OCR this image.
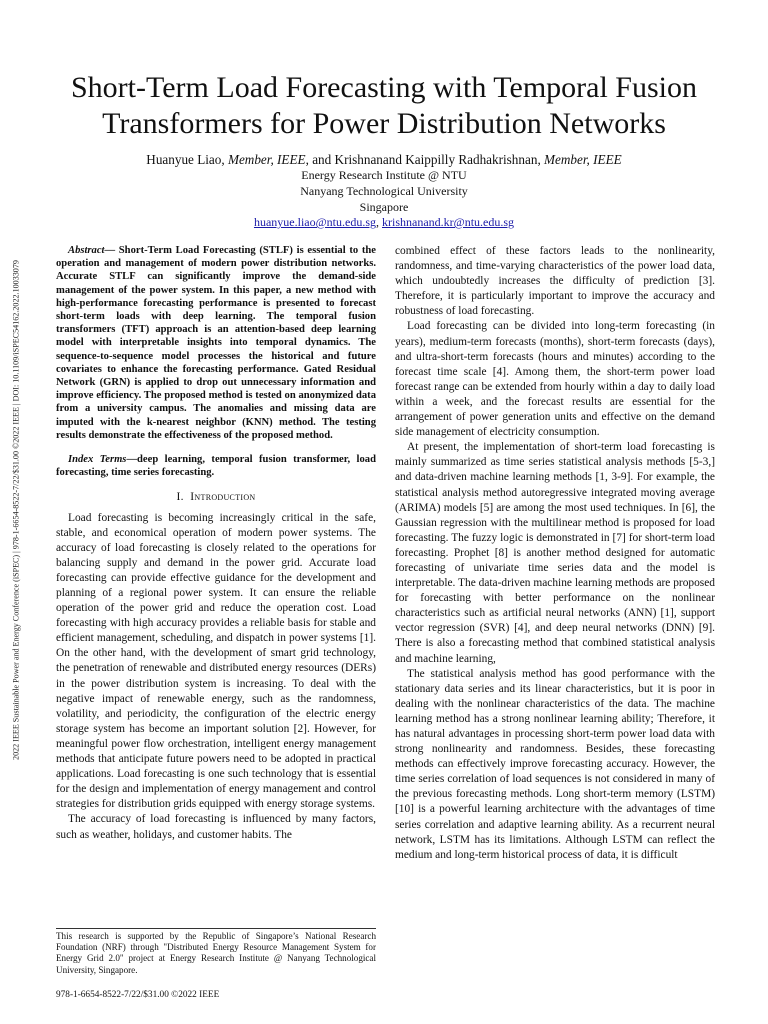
2022 IEEE Sustainable Power and Energy Conference (iSPEC) | 978-1-6654-8522-7/22/$31.00 ©2022 IEEE | DOI: 10.1109/iSPEC54162.2022.10033079
Short-Term Load Forecasting with Temporal Fusion Transformers for Power Distribution Networks
Huanyue Liao, Member, IEEE, and Krishnanand Kaippilly Radhakrishnan, Member, IEEE
Energy Research Institute @ NTU
Nanyang Technological University
Singapore
huanyue.liao@ntu.edu.sg, krishnanand.kr@ntu.edu.sg

Abstract— Short-Term Load Forecasting (STLF) is essential to the operation and management of modern power distribution networks. Accurate STLF can significantly improve the demand-side management of the power system. In this paper, a new method with high-performance forecasting performance is presented to forecast short-term loads with deep learning. The temporal fusion transformers (TFT) approach is an attention-based deep learning model with interpretable insights into temporal dynamics. The sequence-to-sequence model processes the historical and future covariates to enhance the forecasting performance. Gated Residual Network (GRN) is applied to drop out unnecessary information and improve efficiency. The proposed method is tested on anonymized data from a university campus. The anomalies and missing data are imputed with the k-nearest neighbor (KNN) method. The testing results demonstrate the effectiveness of the proposed method.

Index Terms—deep learning, temporal fusion transformer, load forecasting, time series forecasting.

I. Introduction

Load forecasting is becoming increasingly critical in the safe, stable, and economical operation of modern power systems. The accuracy of load forecasting is closely related to the operations for balancing supply and demand in the power grid. Accurate load forecasting can provide effective guidance for the development and planning of a regional power system. It can ensure the reliable operation of the power grid and reduce the operation cost. Load forecasting with high accuracy provides a reliable basis for stable and efficient management, scheduling, and dispatch in power systems [1]. On the other hand, with the development of smart grid technology, the penetration of renewable and distributed energy resources (DERs) in the power distribution system is increasing. To deal with the negative impact of renewable energy, such as the randomness, volatility, and periodicity, the configuration of the electric energy storage system has become an important solution [2]. However, for meaningful power flow orchestration, intelligent energy management methods that anticipate future powers need to be adopted in practical applications. Load forecasting is one such technology that is essential for the design and implementation of energy management and control strategies for distribution grids equipped with energy storage systems.

The accuracy of load forecasting is influenced by many factors, such as weather, holidays, and customer habits. The

combined effect of these factors leads to the nonlinearity, randomness, and time-varying characteristics of the power load data, which undoubtedly increases the difficulty of prediction [3]. Therefore, it is particularly important to improve the accuracy and robustness of load forecasting.

Load forecasting can be divided into long-term forecasting (in years), medium-term forecasts (months), short-term forecasts (days), and ultra-short-term forecasts (hours and minutes) according to the forecast time scale [4]. Among them, the short-term power load forecast range can be extended from hourly within a day to daily load within a week, and the forecast results are essential for the arrangement of power generation units and effective on the demand side management of electricity consumption.

At present, the implementation of short-term load forecasting is mainly summarized as time series statistical analysis methods [5-3,] and data-driven machine learning methods [1, 3-9]. For example, the statistical analysis method autoregressive integrated moving average (ARIMA) models [5] are among the most used techniques. In [6], the Gaussian regression with the multilinear method is proposed for load forecasting. The fuzzy logic is demonstrated in [7] for short-term load forecasting. Prophet [8] is another method designed for automatic forecasting of univariate time series data and the model is interpretable. The data-driven machine learning methods are proposed for forecasting with better performance on the nonlinear characteristics such as artificial neural networks (ANN) [1], support vector regression (SVR) [4], and deep neural networks (DNN) [9]. There is also a forecasting method that combined statistical analysis and machine learning,

The statistical analysis method has good performance with the stationary data series and its linear characteristics, but it is poor in dealing with the nonlinear characteristics of the data. The machine learning method has a strong nonlinear learning ability; Therefore, it has natural advantages in processing short-term power load data with strong nonlinearity and randomness. Besides, these forecasting methods can effectively improve forecasting accuracy. However, the time series correlation of load sequences is not considered in many of the previous forecasting methods. Long short-term memory (LSTM) [10] is a powerful learning architecture with the advantages of time series correlation and adaptive learning ability. As a recurrent neural network, LSTM has its limitations. Although LSTM can reflect the medium and long-term historical process of data, it is difficult

This research is supported by the Republic of Singapore’s National Research Foundation (NRF) through "Distributed Energy Resource Management System for Energy Grid 2.0" project at Energy Research Institute @ Nanyang Technological University, Singapore.
978-1-6654-8522-7/22/$31.00 ©2022 IEEE
